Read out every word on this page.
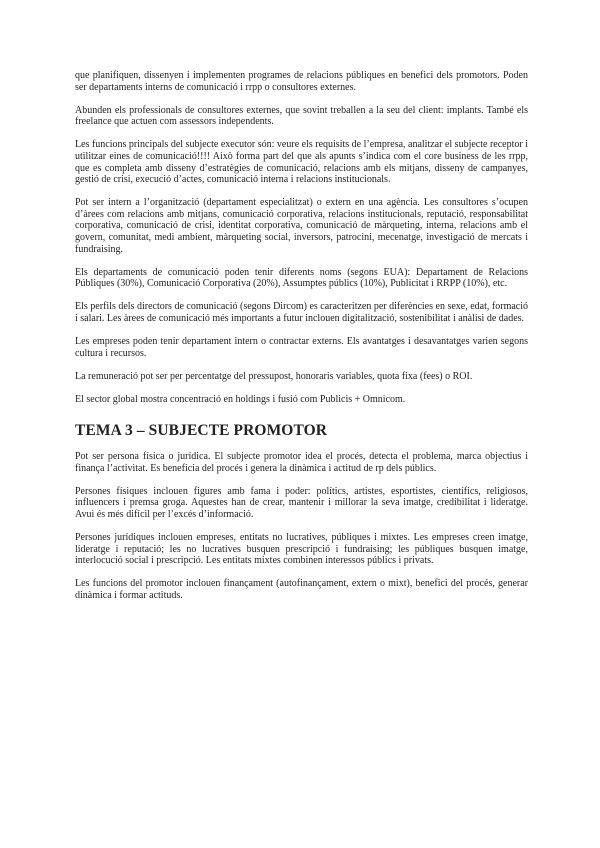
que planifiquen, dissenyen i implementen programes de relacions públiques en benefici dels promotors. Poden ser departaments interns de comunicació i rrpp o consultores externes.

Abunden els professionals de consultores externes, que sovint treballen a la seu del client: implants. També els freelance que actuen com assessors independents.

Les funcions principals del subjecte executor són: veure els requisits de l’empresa, analitzar el subjecte receptor i utilitzar eines de comunicació!!!! Això forma part del que als apunts s’indica com el core business de les rrpp, que es completa amb disseny d’estratègies de comunicació, relacions amb els mitjans, disseny de campanyes, gestió de crisi, execució d’actes, comunicació interna i relacions institucionals.

Pot ser intern a l’organització (departament especialitzat) o extern en una agència. Les consultores s’ocupen d’àrees com relacions amb mitjans, comunicació corporativa, relacions institucionals, reputació, responsabilitat corporativa, comunicació de crisi, identitat corporativa, comunicació de màrqueting, interna, relacions amb el govern, comunitat, medi ambient, màrqueting social, inversors, patrocini, mecenatge, investigació de mercats i fundraising.

Els departaments de comunicació poden tenir diferents noms (segons EUA): Departament de Relacions Públiques (30%), Comunicació Corporativa (20%), Assumptes públics (10%), Publicitat i RRPP (10%), etc.

Els perfils dels directors de comunicació (segons Dircom) es caracteritzen per diferències en sexe, edat, formació i salari. Les àrees de comunicació més importants a futur inclouen digitalització, sostenibilitat i anàlisi de dades.

Les empreses poden tenir departament intern o contractar externs. Els avantatges i desavantatges varien segons cultura i recursos.

La remuneració pot ser per percentatge del pressupost, honoraris variables, quota fixa (fees) o ROI.

El sector global mostra concentració en holdings i fusió com Publicis + Omnicom.

TEMA 3 – SUBJECTE PROMOTOR

Pot ser persona física o jurídica. El subjecte promotor idea el procés, detecta el problema, marca objectius i finança l’activitat. Es beneficia del procés i genera la dinàmica i actitud de rp dels públics.

Persones físiques inclouen figures amb fama i poder: polítics, artistes, esportistes, científics, religiosos, influencers i premsa groga. Aquestes han de crear, mantenir i millorar la seva imatge, credibilitat i lideratge. Avui és més difícil per l’excés d’informació.

Persones jurídiques inclouen empreses, entitats no lucratives, públiques i mixtes. Les empreses creen imatge, lideratge i reputació; les no lucratives busquen prescripció i fundraising; les públiques busquen imatge, interlocució social i prescripció. Les entitats mixtes combinen interessos públics i privats.

Les funcions del promotor inclouen finançament (autofinançament, extern o mixt), benefici del procés, generar dinàmica i formar actituds.
